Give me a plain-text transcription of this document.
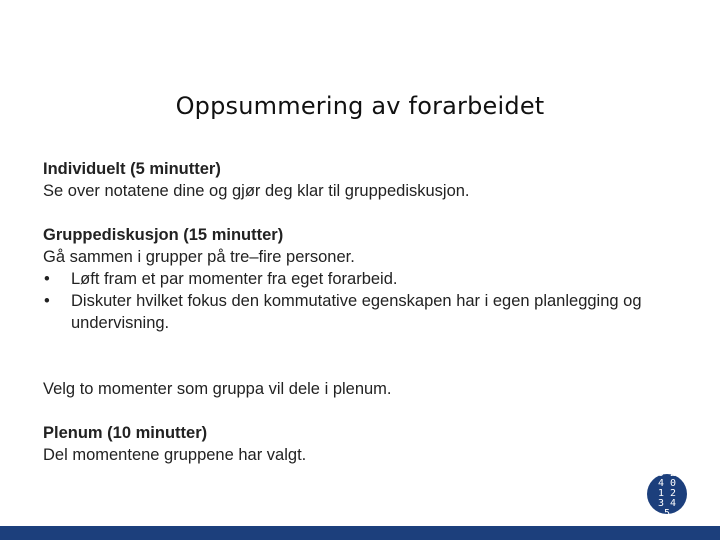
Oppsummering av forarbeidet
Individuelt (5 minutter)
Se over notatene dine og gjør deg klar til gruppediskusjon.
Gruppediskusjon (15 minutter)
Gå sammen i grupper på tre–fire personer.
•	Løft fram et par momenter fra eget forarbeid.
•	Diskuter hvilket fokus den kommutative egenskapen har i egen planlegging og undervisning.
Velg to momenter som gruppa vil dele i plenum.
Plenum (10 minutter)
Del momentene gruppene har valgt.
9 2 4 0 1 2 3 4 5
